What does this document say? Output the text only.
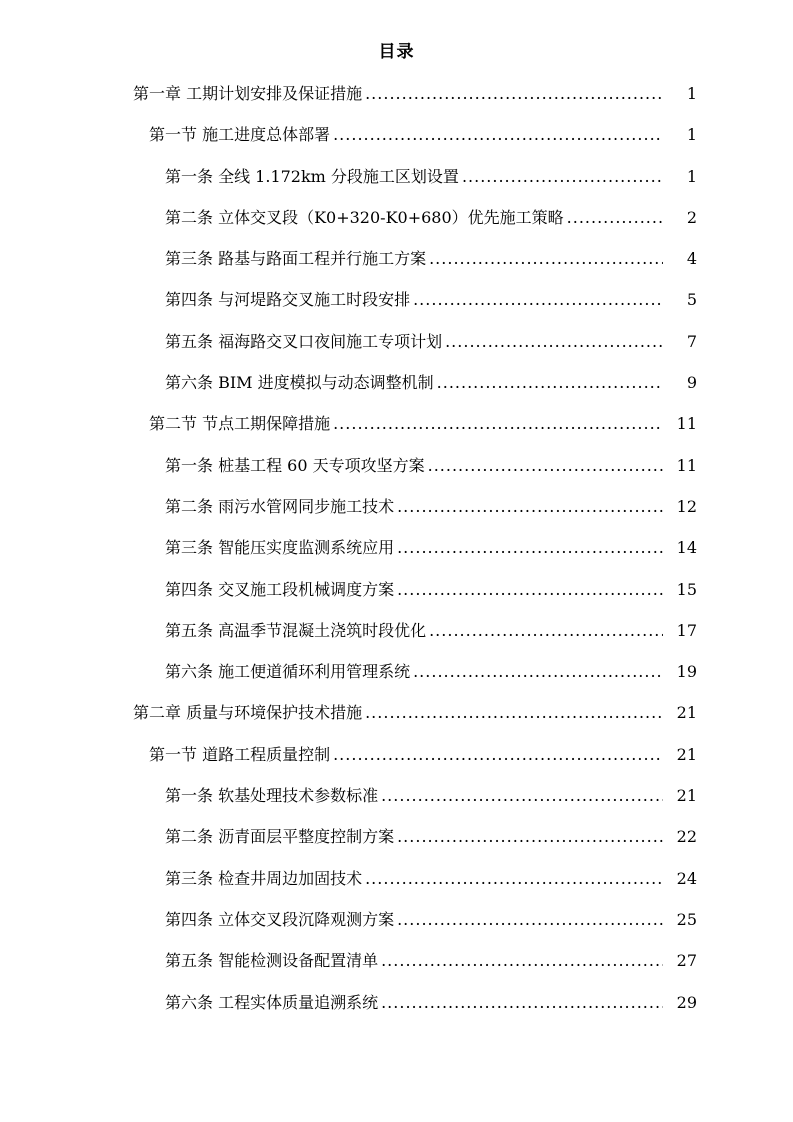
目录
第一章 工期计划安排及保证措施 .....	1
第一节 施工进度总体部署 .....	1
第一条 全线 1.172km 分段施工区划设置 .....	1
第二条 立体交叉段（K0+320-K0+680）优先施工策略 .....	2
第三条 路基与路面工程并行施工方案 .....	4
第四条 与河堤路交叉施工时段安排 .....	5
第五条 福海路交叉口夜间施工专项计划 .....	7
第六条 BIM 进度模拟与动态调整机制 .....	9
第二节 节点工期保障措施 .....	11
第一条 桩基工程 60 天专项攻坚方案 .....	11
第二条 雨污水管网同步施工技术 .....	12
第三条 智能压实度监测系统应用 .....	14
第四条 交叉施工段机械调度方案 .....	15
第五条 高温季节混凝土浇筑时段优化 .....	17
第六条 施工便道循环利用管理系统 .....	19
第二章 质量与环境保护技术措施 .....	21
第一节 道路工程质量控制 .....	21
第一条 软基处理技术参数标准 .....	21
第二条 沥青面层平整度控制方案 .....	22
第三条 检查井周边加固技术 .....	24
第四条 立体交叉段沉降观测方案 .....	25
第五条 智能检测设备配置清单 .....	27
第六条 工程实体质量追溯系统 .....	29
